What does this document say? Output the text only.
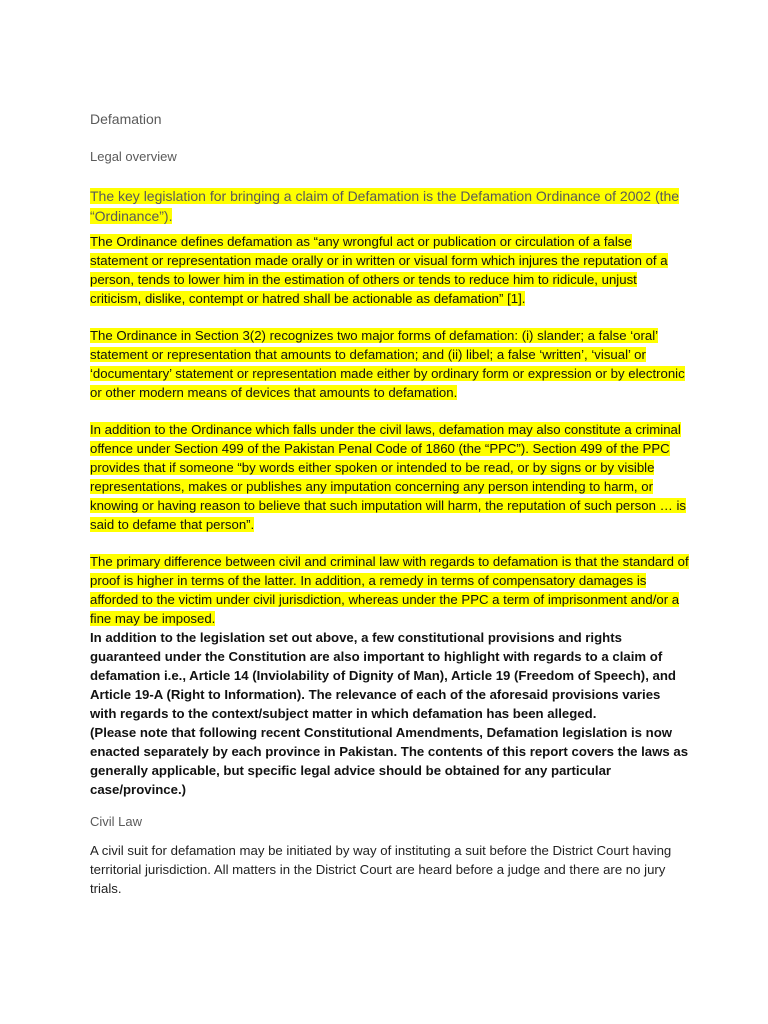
Defamation
Legal overview
The key legislation for bringing a claim of Defamation is the Defamation Ordinance of 2002 (the “Ordinance”).
The Ordinance defines defamation as “any wrongful act or publication or circulation of a false statement or representation made orally or in written or visual form which injures the reputation of a person, tends to lower him in the estimation of others or tends to reduce him to ridicule, unjust criticism, dislike, contempt or hatred shall be actionable as defamation” [1].
The Ordinance in Section 3(2) recognizes two major forms of defamation: (i) slander; a false ‘oral’ statement or representation that amounts to defamation; and (ii) libel; a false ‘written’, ‘visual’ or ‘documentary’ statement or representation made either by ordinary form or expression or by electronic or other modern means of devices that amounts to defamation.
In addition to the Ordinance which falls under the civil laws, defamation may also constitute a criminal offence under Section 499 of the Pakistan Penal Code of 1860 (the “PPC”). Section 499 of the PPC provides that if someone “by words either spoken or intended to be read, or by signs or by visible representations, makes or publishes any imputation concerning any person intending to harm, or knowing or having reason to believe that such imputation will harm, the reputation of such person … is said to defame that person”.
The primary difference between civil and criminal law with regards to defamation is that the standard of proof is higher in terms of the latter. In addition, a remedy in terms of compensatory damages is afforded to the victim under civil jurisdiction, whereas under the PPC a term of imprisonment and/or a fine may be imposed.
In addition to the legislation set out above, a few constitutional provisions and rights guaranteed under the Constitution are also important to highlight with regards to a claim of defamation i.e., Article 14 (Inviolability of Dignity of Man), Article 19 (Freedom of Speech), and Article 19-A (Right to Information). The relevance of each of the aforesaid provisions varies with regards to the context/subject matter in which defamation has been alleged.
(Please note that following recent Constitutional Amendments, Defamation legislation is now enacted separately by each province in Pakistan. The contents of this report covers the laws as generally applicable, but specific legal advice should be obtained for any particular case/province.)
Civil Law
A civil suit for defamation may be initiated by way of instituting a suit before the District Court having territorial jurisdiction. All matters in the District Court are heard before a judge and there are no jury trials.
